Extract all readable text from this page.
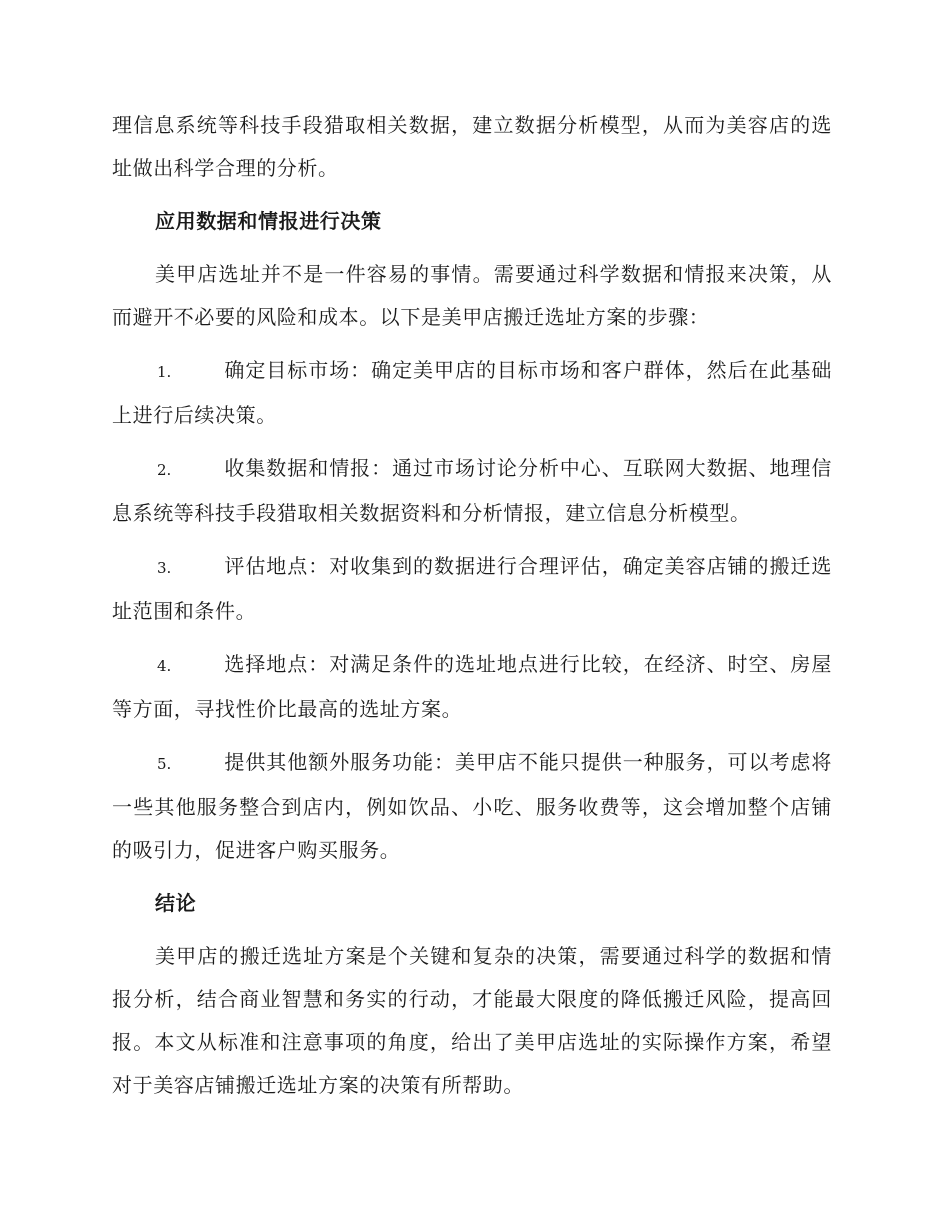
理信息系统等科技手段猎取相关数据，建立数据分析模型，从而为美容店的选址做出科学合理的分析。

应用数据和情报进行决策

美甲店选址并不是一件容易的事情。需要通过科学数据和情报来决策，从而避开不必要的风险和成本。以下是美甲店搬迁选址方案的步骤：

1.	确定目标市场：确定美甲店的目标市场和客户群体，然后在此基础上进行后续决策。

2.	收集数据和情报：通过市场讨论分析中心、互联网大数据、地理信息系统等科技手段猎取相关数据资料和分析情报，建立信息分析模型。

3.	评估地点：对收集到的数据进行合理评估，确定美容店铺的搬迁选址范围和条件。

4.	选择地点：对满足条件的选址地点进行比较，在经济、时空、房屋等方面，寻找性价比最高的选址方案。

5.	提供其他额外服务功能：美甲店不能只提供一种服务，可以考虑将一些其他服务整合到店内，例如饮品、小吃、服务收费等，这会增加整个店铺的吸引力，促进客户购买服务。

结论

美甲店的搬迁选址方案是个关键和复杂的决策，需要通过科学的数据和情报分析，结合商业智慧和务实的行动，才能最大限度的降低搬迁风险，提高回报。本文从标准和注意事项的角度，给出了美甲店选址的实际操作方案，希望对于美容店铺搬迁选址方案的决策有所帮助。
